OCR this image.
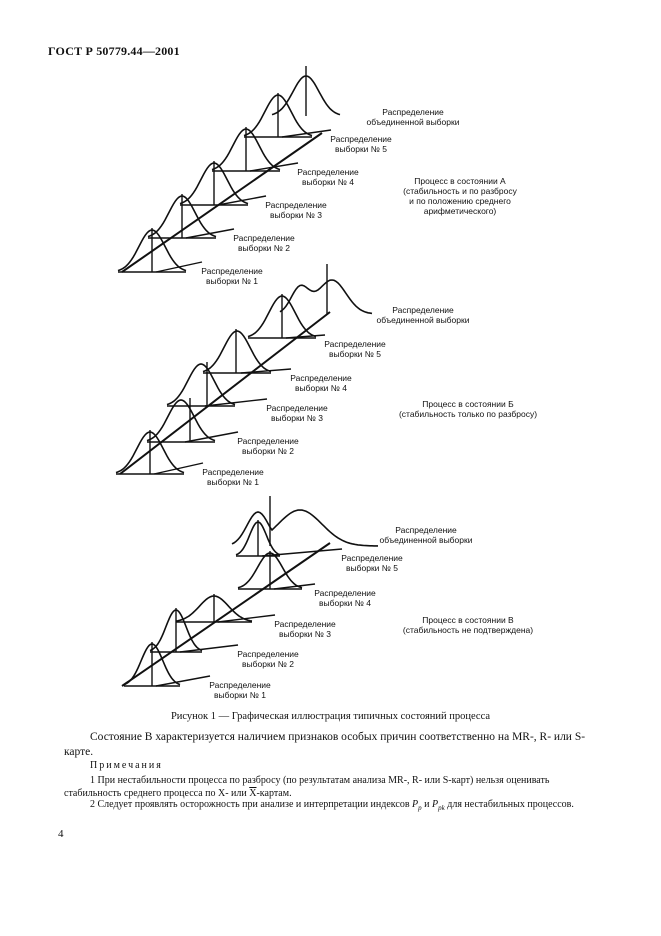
ГОСТ Р 50779.44—2001
Распределение выборки № 1
Распределение выборки № 2
Распределение выборки № 3
Распределение выборки № 4
Распределение выборки № 5
Распределение объединенной выборки
Процесс в состоянии А (стабильность и по разбросу и по положению среднего арифметического)
Распределение выборки № 1
Распределение выборки № 2
Распределение выборки № 3
Распределение выборки № 4
Распределение выборки № 5
Распределение объединенной выборки
Процесс в состоянии Б (стабильность только по разбросу)
Распределение выборки № 1
Распределение выборки № 2
Распределение выборки № 3
Распределение выборки № 4
Распределение выборки № 5
Распределение объединенной выборки
Процесс в состоянии В (стабильность не подтверждена)
Рисунок 1 — Графическая иллюстрация типичных состояний процесса
Состояние В характеризуется наличием признаков особых причин соответственно на MR-, R- или S-карте.
Примечания
1 При нестабильности процесса по разбросу (по результатам анализа MR-, R- или S-карт) нельзя оценивать стабильность среднего процесса по X- или $\overline{X}$-картам.
2 Следует проявлять осторожность при анализе и интерпретации индексов $P_p$ и $P_{pk}$ для нестабильных процессов.
4
